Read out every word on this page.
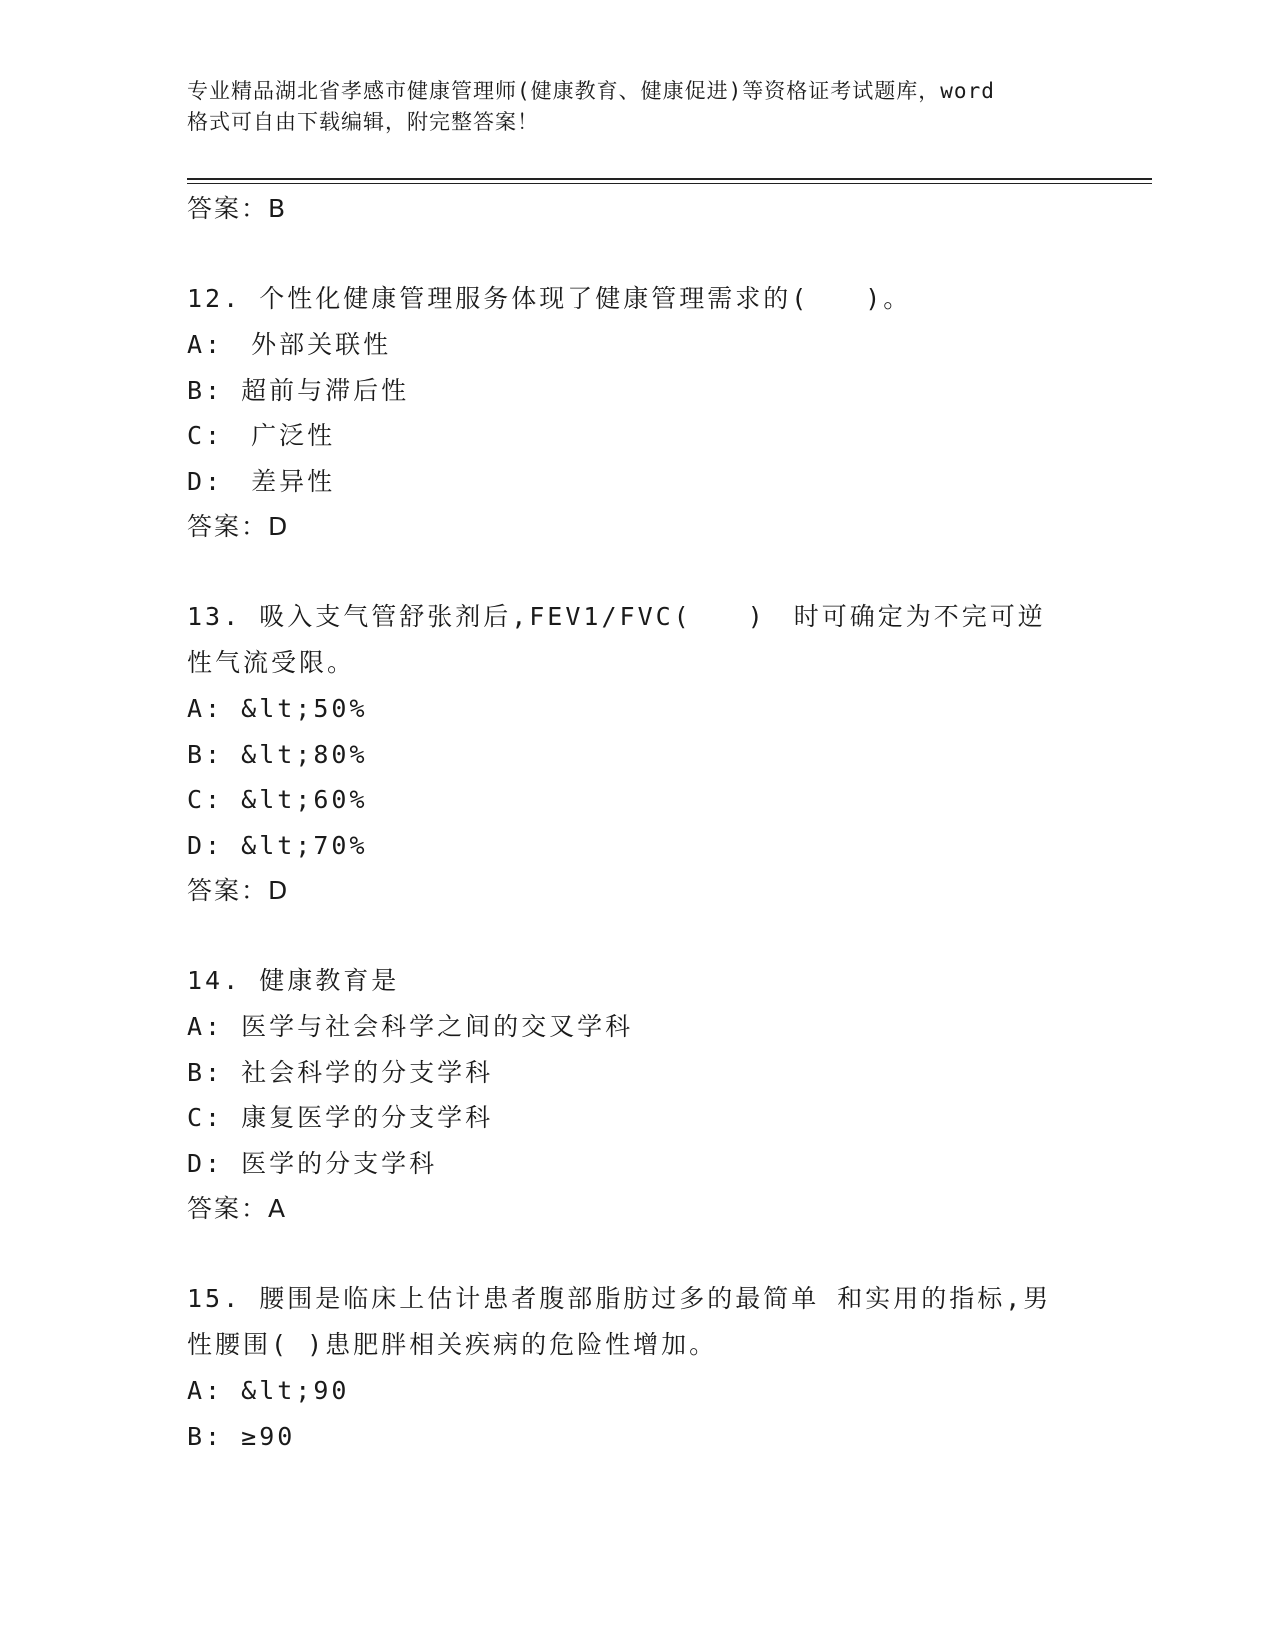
专业精品湖北省孝感市健康管理师(健康教育、健康促进)等资格证考试题库，word
格式可自由下载编辑，附完整答案！
答案：B
12. 个性化健康管理服务体现了健康管理需求的(　　)。
A:　外部关联性
B: 超前与滞后性
C:　广泛性
D:　差异性
答案：D
13. 吸入支气管舒张剂后,FEV1/FVC(　　)　时可确定为不完可逆性气流受限。
A: &lt;50%
B: &lt;80%
C: &lt;60%
D: &lt;70%
答案：D
14. 健康教育是
A: 医学与社会科学之间的交叉学科
B: 社会科学的分支学科
C: 康复医学的分支学科
D: 医学的分支学科
答案：A
15. 腰围是临床上估计患者腹部脂肪过多的最简单 和实用的指标,男性腰围( )患肥胖相关疾病的危险性增加。
A: &lt;90
B: ≥90
